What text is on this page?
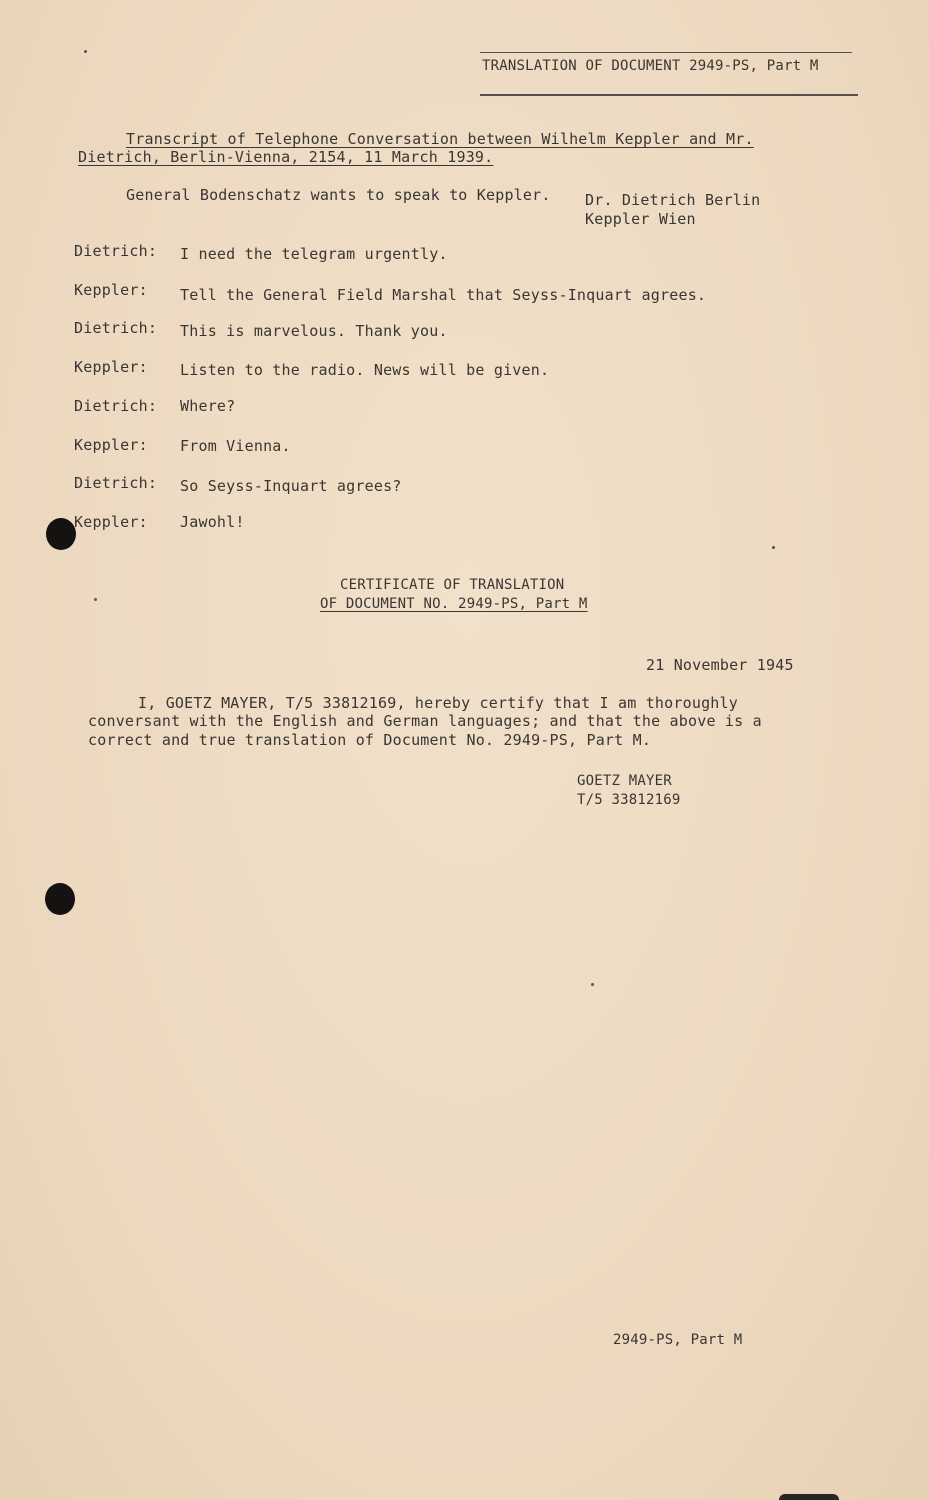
TRANSLATION OF DOCUMENT 2949-PS, Part M
Transcript of Telephone Conversation between Wilhelm Keppler and Mr.
Dietrich, Berlin-Vienna, 2154, 11 March 1939.
General Bodenschatz wants to speak to Keppler. Dr. Dietrich Berlin
Keppler Wien
Dietrich: I need the telegram urgently.
Keppler: Tell the General Field Marshal that Seyss-Inquart agrees.
Dietrich: This is marvelous. Thank you.
Keppler: Listen to the radio. News will be given.
Dietrich: Where?
Keppler: From Vienna.
Dietrich: So Seyss-Inquart agrees?
Keppler: Jawohl!
CERTIFICATE OF TRANSLATION
OF DOCUMENT NO. 2949-PS, Part M
21 November 1945
I, GOETZ MAYER, T/5 33812169, hereby certify that I am thoroughly
conversant with the English and German languages; and that the above is a
correct and true translation of Document No. 2949-PS, Part M.
GOETZ MAYER
T/5 33812169
2949-PS, Part M
